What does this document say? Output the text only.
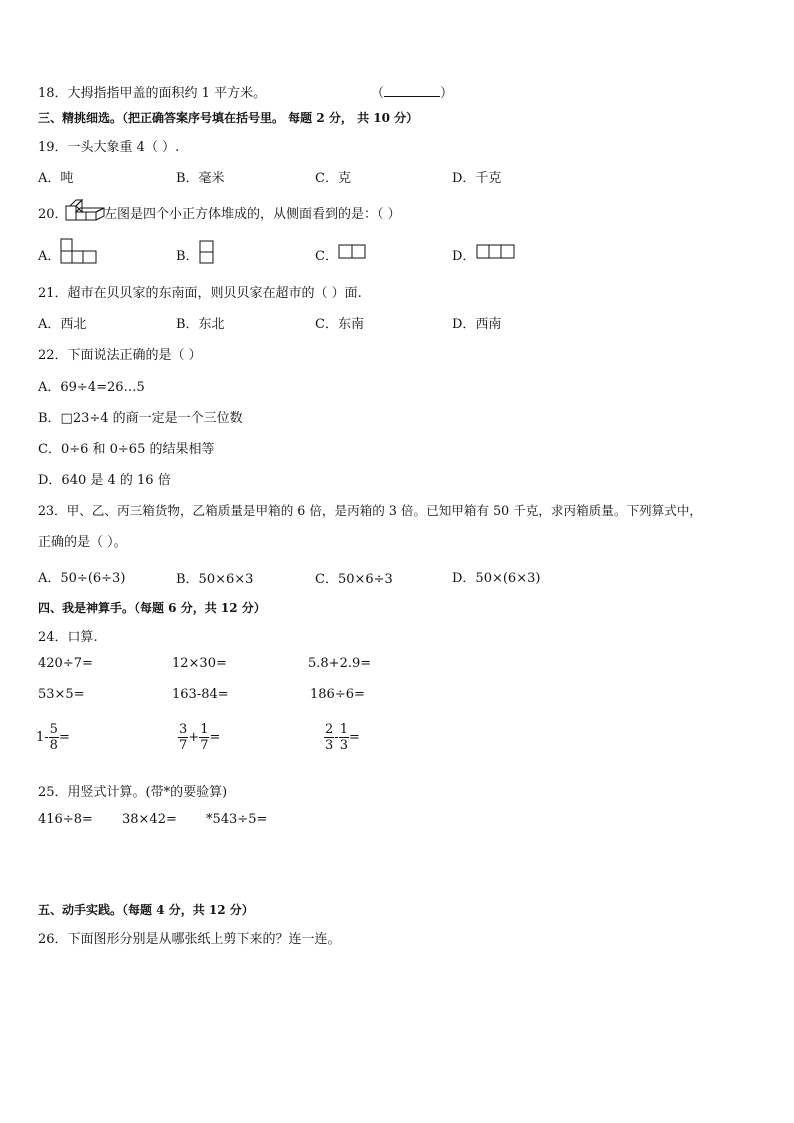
18．大拇指指甲盖的面积约 1 平方米。	（	）
三、精挑细选。（把正确答案序号填在括号里。 每题 2 分， 共 10 分）
19．一头大象重 4（ ）.
A．吨	B．毫米	C．克	D．千克
20．	左图是四个小正方体堆成的，从侧面看到的是：（ ）
A．	B．	C．	D．
21．超市在贝贝家的东南面，则贝贝家在超市的（ ）面.
A．西北	B．东北	C．东南	D．西南
22．下面说法正确的是（ ）
A．69÷4=26…5
B．□23÷4 的商一定是一个三位数
C．0÷6 和 0÷65 的结果相等
D．640 是 4 的 16 倍
23．甲、乙、丙三箱货物，乙箱质量是甲箱的 6 倍，是丙箱的 3 倍。已知甲箱有 50 千克，求丙箱质量。下列算式中，
正确的是（ ）。
A．50÷(6÷3)	B．50×6×3	C．50×6÷3	D．50×(6×3)
四、我是神算手。（每题 6 分，共 12 分）
24．口算.
420÷7=	12×30=	5.8+2.9=
53×5=	163-84=	186÷6=
$1- \frac{5}{8}$ =	$\frac{3}{7} + \frac{1}{7}$ =	$\frac{2}{3} - \frac{1}{3}$ =
25．用竖式计算。(带*的要验算)
416÷8= 38×42= *543÷5=
五、动手实践。（每题 4 分，共 12 分）
26．下面图形分别是从哪张纸上剪下来的？连一连。
